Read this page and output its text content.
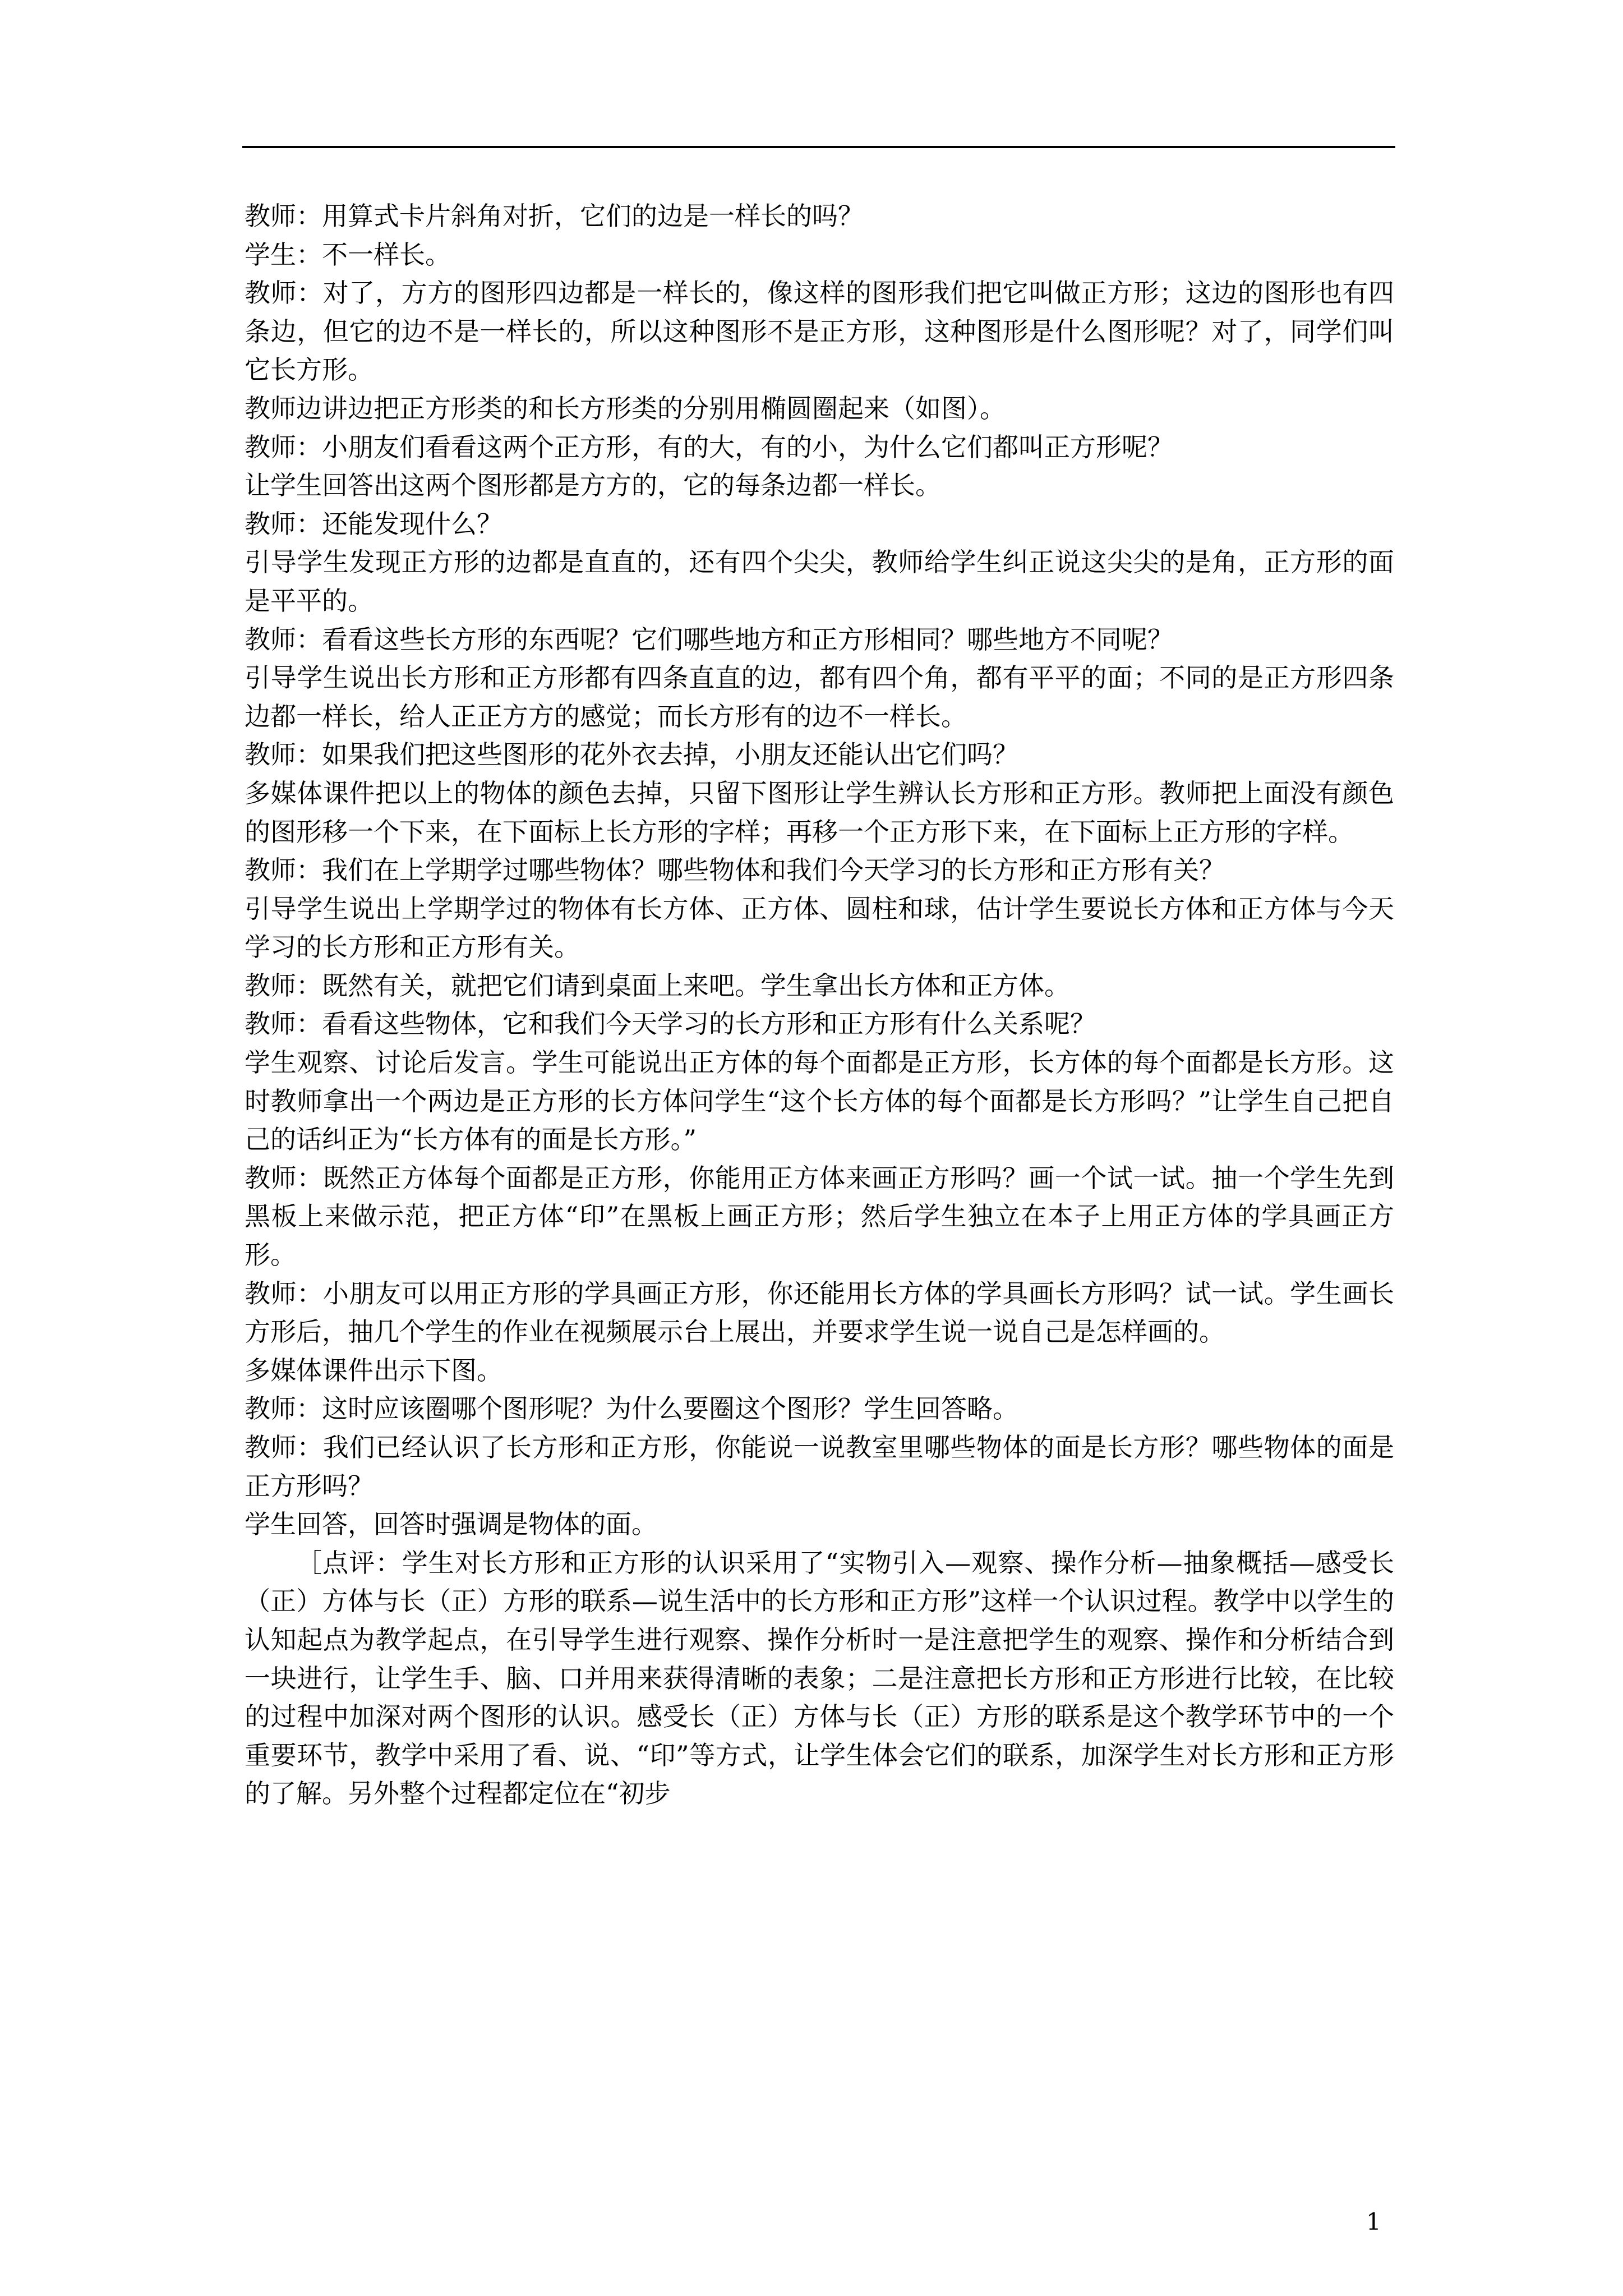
教师：用算式卡片斜角对折，它们的边是一样长的吗？

学生：不一样长。

教师：对了，方方的图形四边都是一样长的，像这样的图形我们把它叫做正方形；这边的图形也有四条边，但它的边不是一样长的，所以这种图形不是正方形，这种图形是什么图形呢？对了，同学们叫它长方形。

教师边讲边把正方形类的和长方形类的分别用椭圆圈起来（如图）。

教师：小朋友们看看这两个正方形，有的大，有的小，为什么它们都叫正方形呢？

让学生回答出这两个图形都是方方的，它的每条边都一样长。

教师：还能发现什么？

引导学生发现正方形的边都是直直的，还有四个尖尖，教师给学生纠正说这尖尖的是角，正方形的面是平平的。

教师：看看这些长方形的东西呢？它们哪些地方和正方形相同？哪些地方不同呢？

引导学生说出长方形和正方形都有四条直直的边，都有四个角，都有平平的面；不同的是正方形四条边都一样长，给人正正方方的感觉；而长方形有的边不一样长。

教师：如果我们把这些图形的花外衣去掉，小朋友还能认出它们吗？

多媒体课件把以上的物体的颜色去掉，只留下图形让学生辨认长方形和正方形。教师把上面没有颜色的图形移一个下来，在下面标上长方形的字样；再移一个正方形下来，在下面标上正方形的字样。

教师：我们在上学期学过哪些物体？哪些物体和我们今天学习的长方形和正方形有关？

引导学生说出上学期学过的物体有长方体、正方体、圆柱和球，估计学生要说长方体和正方体与今天学习的长方形和正方形有关。

教师：既然有关，就把它们请到桌面上来吧。学生拿出长方体和正方体。

教师：看看这些物体，它和我们今天学习的长方形和正方形有什么关系呢？

学生观察、讨论后发言。学生可能说出正方体的每个面都是正方形，长方体的每个面都是长方形。这时教师拿出一个两边是正方形的长方体问学生“这个长方体的每个面都是长方形吗？”让学生自己把自己的话纠正为“长方体有的面是长方形。”

教师：既然正方体每个面都是正方形，你能用正方体来画正方形吗？画一个试一试。抽一个学生先到黑板上来做示范，把正方体“印”在黑板上画正方形；然后学生独立在本子上用正方体的学具画正方形。

教师：小朋友可以用正方形的学具画正方形，你还能用长方体的学具画长方形吗？试一试。学生画长方形后，抽几个学生的作业在视频展示台上展出，并要求学生说一说自己是怎样画的。

多媒体课件出示下图。

教师：这时应该圈哪个图形呢？为什么要圈这个图形？学生回答略。

教师：我们已经认识了长方形和正方形，你能说一说教室里哪些物体的面是长方形？哪些物体的面是正方形吗？

学生回答，回答时强调是物体的面。

［点评：学生对长方形和正方形的认识采用了“实物引入—观察、操作分析—抽象概括—感受长（正）方体与长（正）方形的联系—说生活中的长方形和正方形”这样一个认识过程。教学中以学生的认知起点为教学起点，在引导学生进行观察、操作分析时一是注意把学生的观察、操作和分析结合到一块进行，让学生手、脑、口并用来获得清晰的表象；二是注意把长方形和正方形进行比较，在比较的过程中加深对两个图形的认识。感受长（正）方体与长（正）方形的联系是这个教学环节中的一个重要环节，教学中采用了看、说、“印”等方式，让学生体会它们的联系，加深学生对长方形和正方形的了解。另外整个过程都定位在“初步

1
